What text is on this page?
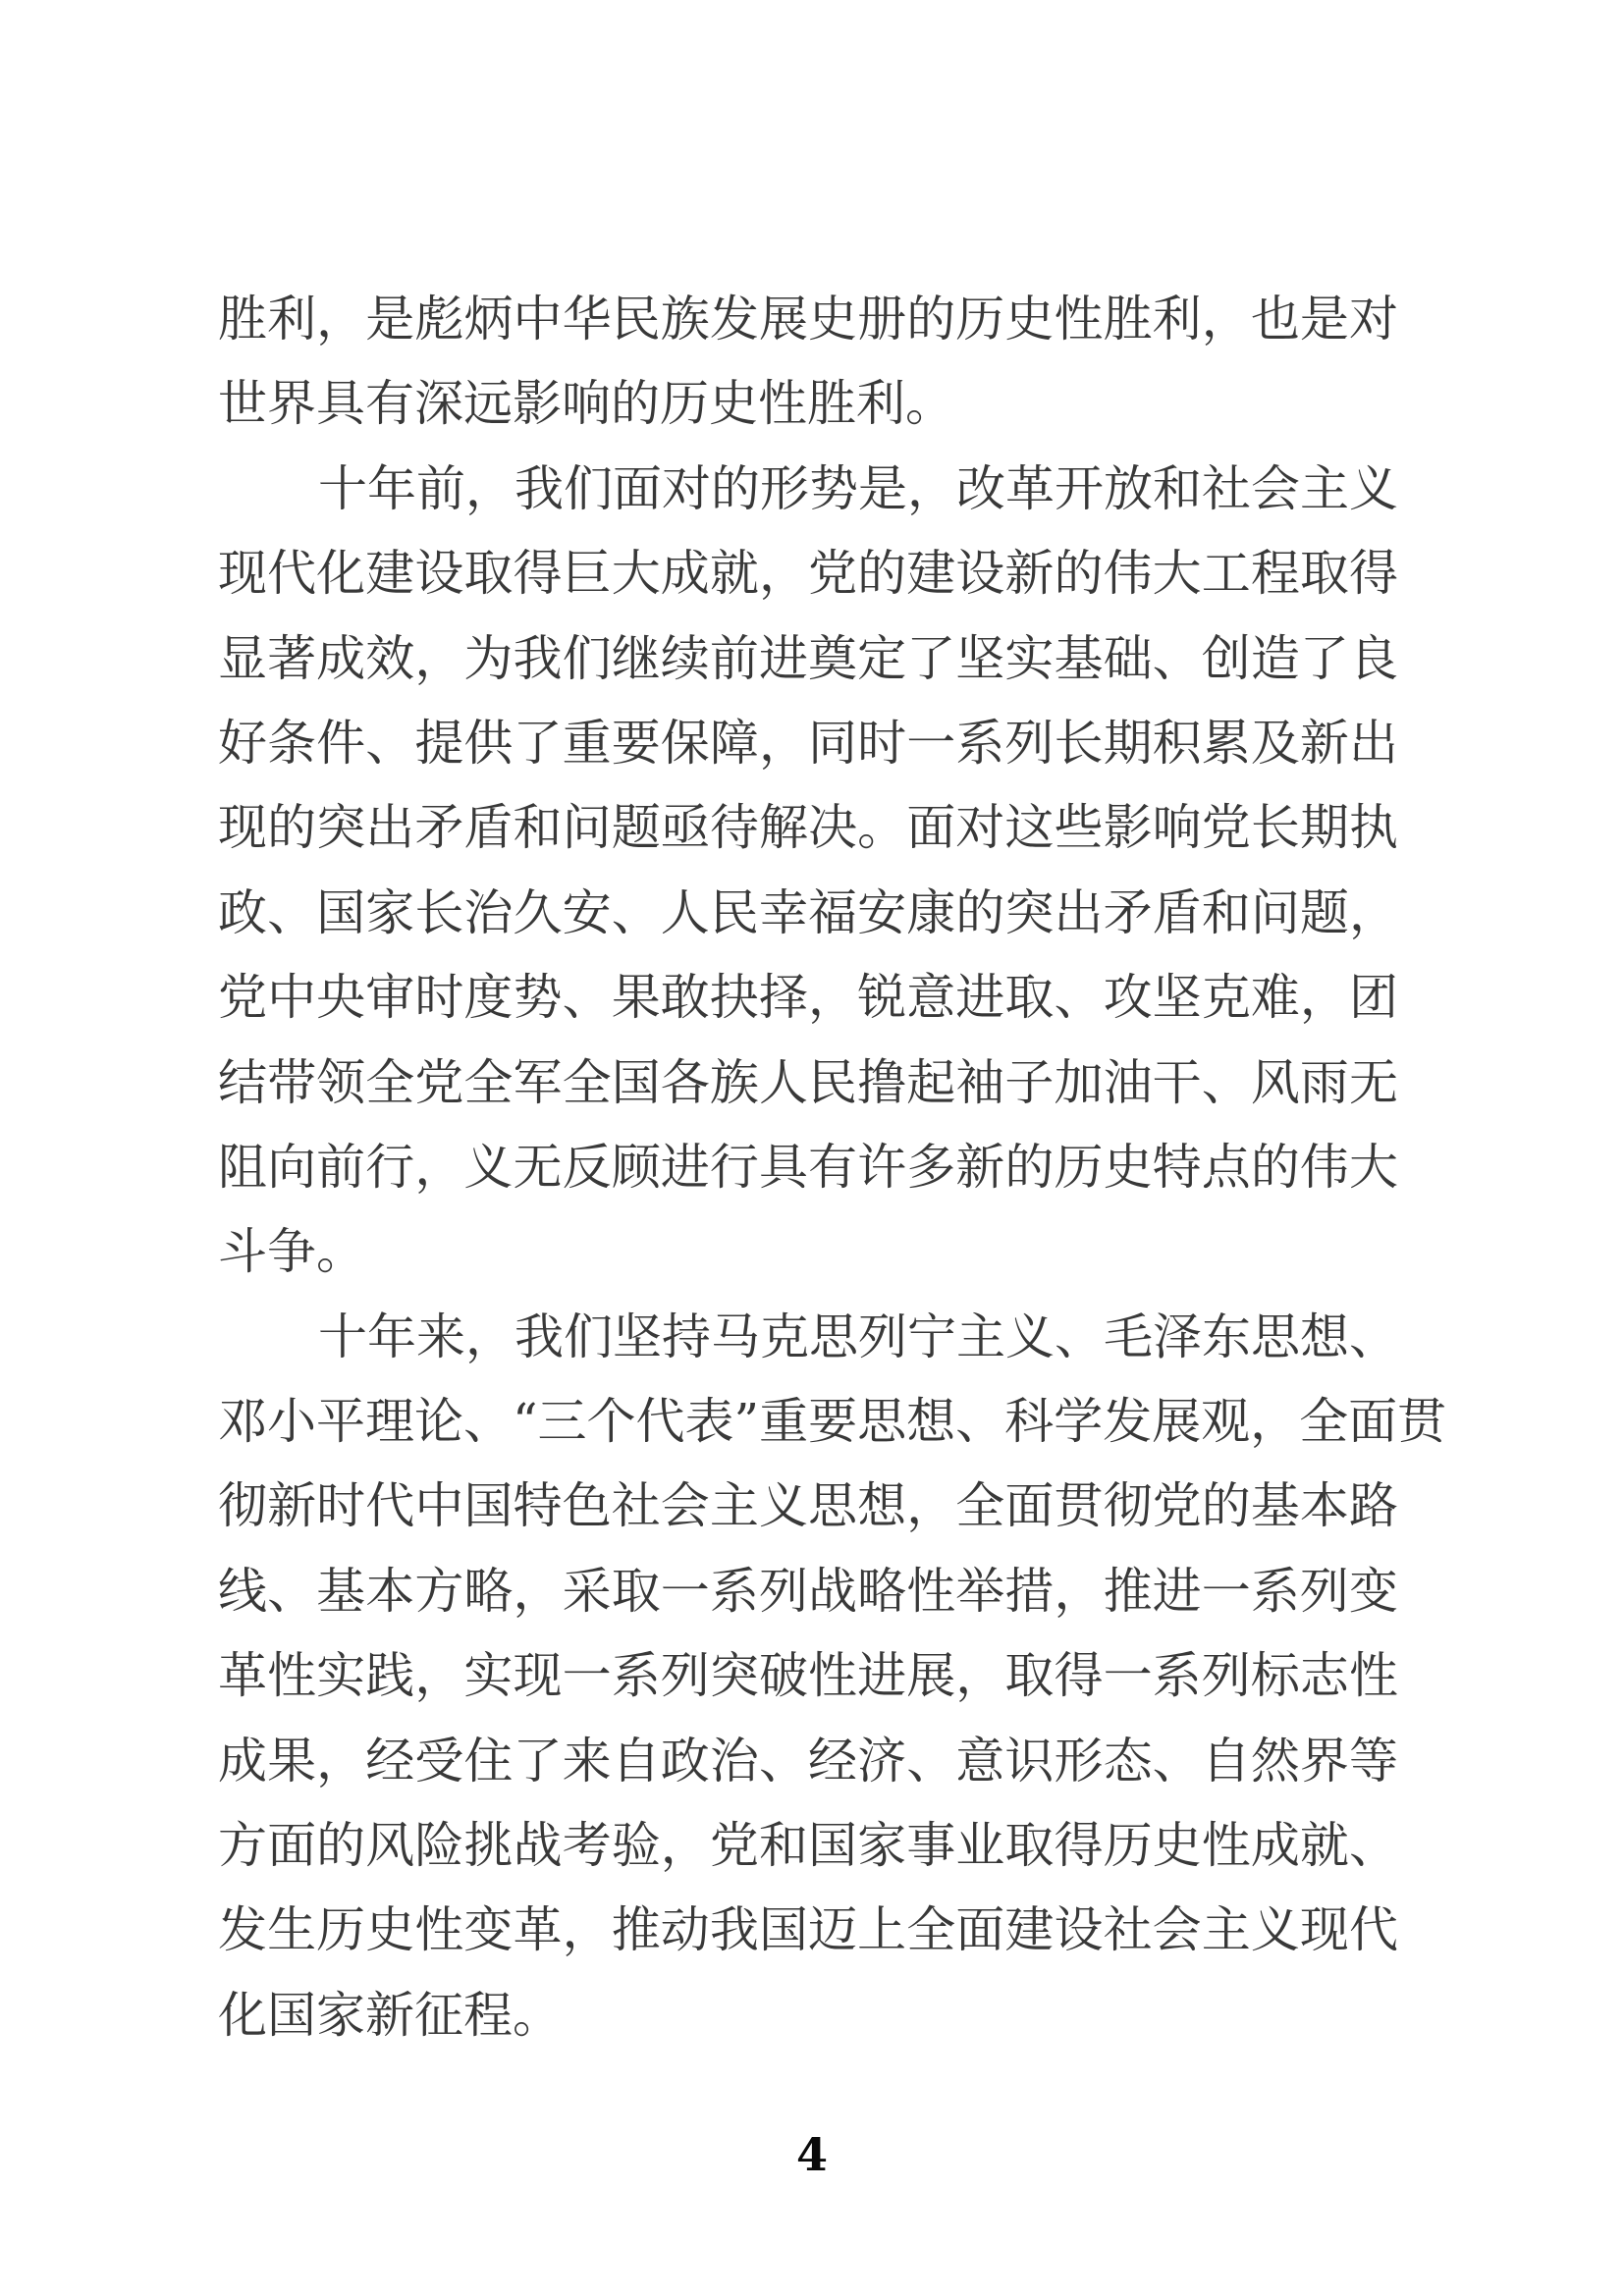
胜利，是彪炳中华民族发展史册的历史性胜利，也是对
世界具有深远影响的历史性胜利。
十年前，我们面对的形势是，改革开放和社会主义
现代化建设取得巨大成就，党的建设新的伟大工程取得
显著成效，为我们继续前进奠定了坚实基础、创造了良
好条件、提供了重要保障，同时一系列长期积累及新出
现的突出矛盾和问题亟待解决。面对这些影响党长期执
政、国家长治久安、人民幸福安康的突出矛盾和问题，
党中央审时度势、果敢抉择，锐意进取、攻坚克难，团
结带领全党全军全国各族人民撸起袖子加油干、风雨无
阻向前行，义无反顾进行具有许多新的历史特点的伟大
斗争。
十年来，我们坚持马克思列宁主义、毛泽东思想、
邓小平理论、“三个代表”重要思想、科学发展观，全面贯
彻新时代中国特色社会主义思想，全面贯彻党的基本路
线、基本方略，采取一系列战略性举措，推进一系列变
革性实践，实现一系列突破性进展，取得一系列标志性
成果，经受住了来自政治、经济、意识形态、自然界等
方面的风险挑战考验，党和国家事业取得历史性成就、
发生历史性变革，推动我国迈上全面建设社会主义现代
化国家新征程。
4
